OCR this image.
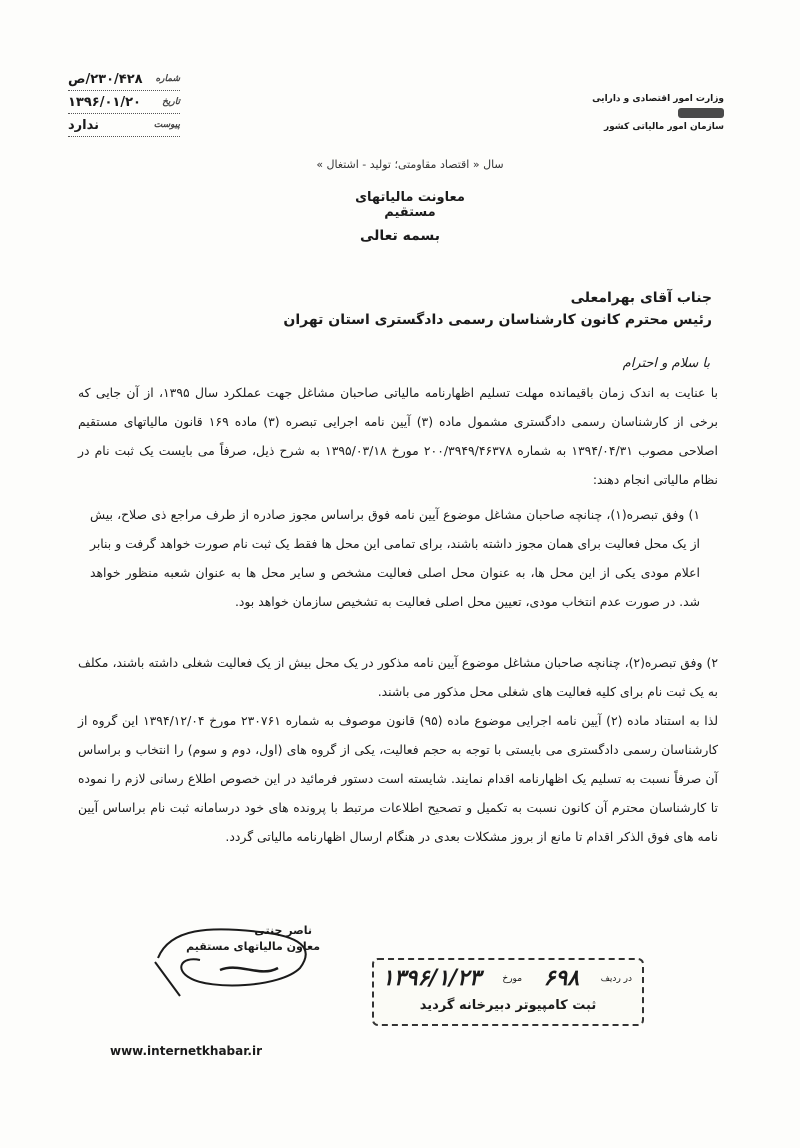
شماره
۲۳۰/۴۲۸/ص
تاریخ
۱۳۹۶/۰۱/۲۰
پیوست
ندارد
وزارت امور اقتصادی و دارایی
سازمان امور مالیاتی کشور
سال « اقتصاد مقاومتی؛ تولید - اشتغال »
معاونت مالیاتهای مستقیم
بسمه تعالی
جناب آقای بهرامعلی
رئیس محترم کانون کارشناسان رسمی دادگستری استان تهران
با سلام و احترام

با عنایت به اندک زمان باقیمانده مهلت تسلیم اظهارنامه مالیاتی صاحبان مشاغل جهت عملکرد سال ۱۳۹۵، از آن جایی که برخی از کارشناسان رسمی دادگستری مشمول ماده (۳) آیین نامه اجرایی تبصره (۳) ماده ۱۶۹ قانون مالیاتهای مستقیم اصلاحی مصوب ۱۳۹۴/۰۴/۳۱ به شماره ۲۰۰/۳۹۴۹/۴۶۳۷۸ مورخ ۱۳۹۵/۰۳/۱۸ به شرح ذیل، صرفاً می بایست یک ثبت نام در نظام مالیاتی انجام دهند:

۱) وفق تبصره(۱)، چنانچه صاحبان مشاغل موضوع آیین نامه فوق براساس مجوز صادره از طرف مراجع ذی صلاح، بیش از یک محل فعالیت برای همان مجوز داشته باشند، برای تمامی این محل ها فقط یک ثبت نام صورت خواهد گرفت و بنابر اعلام مودی یکی از این محل ها، به عنوان محل اصلی فعالیت مشخص و سایر محل ها به عنوان شعبه منظور خواهد شد. در صورت عدم انتخاب مودی، تعیین محل اصلی فعالیت به تشخیص سازمان خواهد بود.

۲) وفق تبصره(۲)، چنانچه صاحبان مشاغل موضوع آیین نامه مذکور در یک محل بیش از یک فعالیت شغلی داشته باشند، مکلف به یک ثبت نام برای کلیه فعالیت های شغلی محل مذکور می باشند.

لذا به استناد ماده (۲) آیین نامه اجرایی موضوع ماده (۹۵) قانون موصوف به شماره ۲۳۰۷۶۱ مورخ ۱۳۹۴/۱۲/۰۴ این گروه از کارشناسان رسمی دادگستری می بایستی با توجه به حجم فعالیت، یکی از گروه های (اول، دوم و سوم) را انتخاب و براساس آن صرفاً نسبت به تسلیم یک اظهارنامه اقدام نمایند. شایسته است دستور فرمائید در این خصوص اطلاع رسانی لازم را نموده تا کارشناسان محترم آن کانون نسبت به تکمیل و تصحیح اطلاعات مرتبط با پرونده های خود درسامانه ثبت نام براساس آیین نامه های فوق الذکر اقدام تا مانع از بروز مشکلات بعدی در هنگام ارسال اظهارنامه مالیاتی گردد.

ناصر جنتی
معاون مالیاتهای مستقیم
در ردیف
۶۹۸
مورخ
۱۳۹۶/۱/۲۳
ثبت کامپیوتر دبیرخانه گردید
www.internetkhabar.ir
